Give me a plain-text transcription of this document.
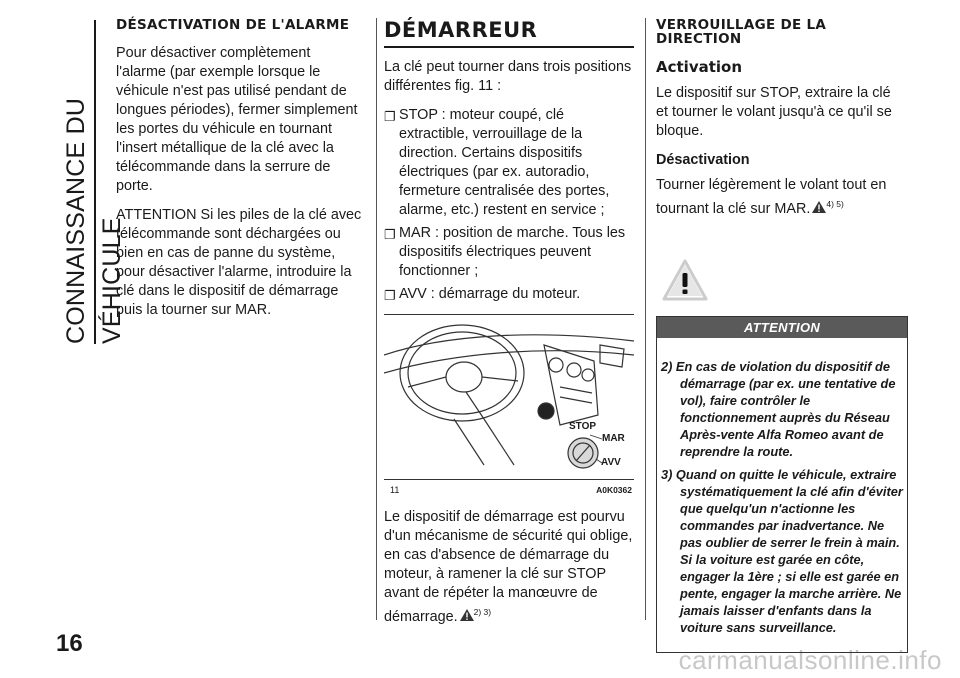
CONNAISSANCE DU VÉHICULE
16
carmanualsonline.info
DÉSACTIVATION DE L'ALARME

Pour désactiver complètement l'alarme (par exemple lorsque le véhicule n'est pas utilisé pendant de longues périodes), fermer simplement les portes du véhicule en tournant l'insert métallique de la clé avec la télécommande dans la serrure de porte.

ATTENTION Si les piles de la clé avec télécommande sont déchargées ou bien en cas de panne du système, pour désactiver l'alarme, introduire la clé dans le dispositif de démarrage puis la tourner sur MAR.

DÉMARREUR

La clé peut tourner dans trois positions différentes fig. 11 :

❐ STOP : moteur coupé, clé extractible, verrouillage de la direction. Certains dispositifs électriques (par ex. autoradio, fermeture centralisée des portes, alarme, etc.) restent en service ;
❐ MAR : position de marche. Tous les dispositifs électriques peuvent fonctionner ;
❐ AVV : démarrage du moteur.
STOP
MAR
AVV
11	A0K0362

Le dispositif de démarrage est pourvu d'un mécanisme de sécurité qui oblige, en cas d'absence de démarrage du moteur, à ramener la clé sur STOP avant de répéter la manœuvre de démarrage. $^{2) 3)}$

VERROUILLAGE DE LA DIRECTION
Activation

Le dispositif sur STOP, extraire la clé et tourner le volant jusqu'à ce qu'il se bloque.

Désactivation

Tourner légèrement le volant tout en tournant la clé sur MAR. $^{4) 5)}$

ATTENTION
2) En cas de violation du dispositif de démarrage (par ex. une tentative de vol), faire contrôler le fonctionnement auprès du Réseau Après-vente Alfa Romeo avant de reprendre la route.
3) Quand on quitte le véhicule, extraire systématiquement la clé afin d'éviter que quelqu'un n'actionne les commandes par inadvertance. Ne pas oublier de serrer le frein à main. Si la voiture est garée en côte, engager la 1ère ; si elle est garée en pente, engager la marche arrière. Ne jamais laisser d'enfants dans la voiture sans surveillance.
